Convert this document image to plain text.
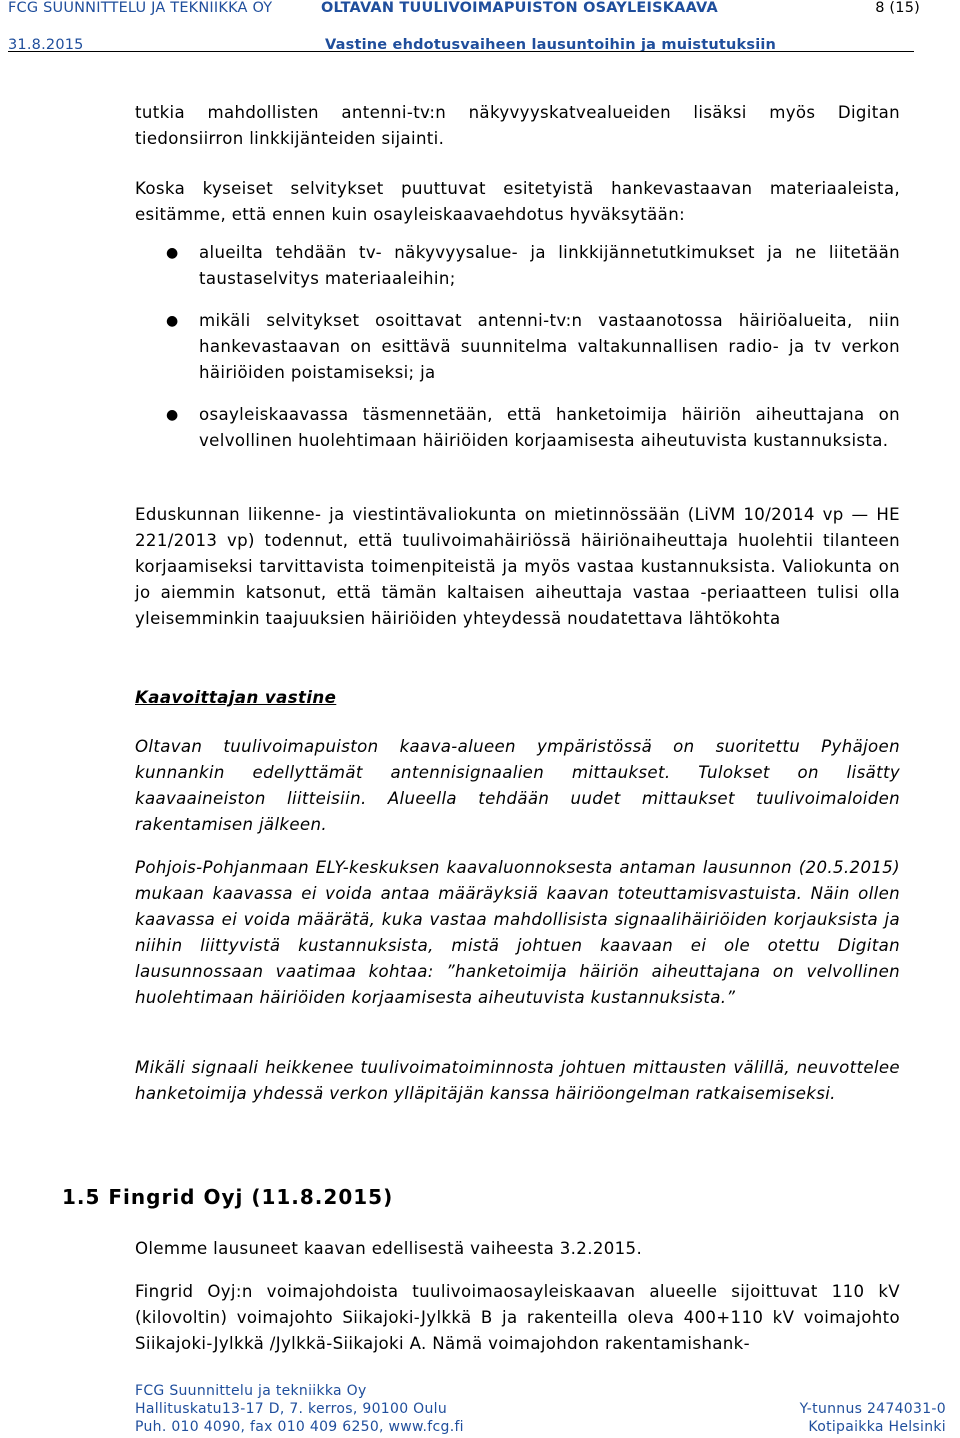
FCG SUUNNITTELU JA TEKNIIKKA OY	OLTAVAN TUULIVOIMAPUISTON OSAYLEISKAAVA	8 (15)
31.8.2015	Vastine ehdotusvaiheen lausuntoihin ja muistutuksiin

tutkia mahdollisten antenni-tv:n näkyvyyskatvealueiden lisäksi myös Digitan tiedonsiirron linkkijänteiden sijainti.

Koska kyseiset selvitykset puuttuvat esitetyistä hankevastaavan materiaaleista, esitämme, että ennen kuin osayleiskaavaehdotus hyväksytään:

● alueilta tehdään tv- näkyvyysalue- ja linkkijännetutkimukset ja ne liitetään taustaselvitys materiaaleihin;
● mikäli selvitykset osoittavat antenni-tv:n vastaanotossa häiriöalueita, niin hankevastaavan on esittävä suunnitelma valtakunnallisen radio- ja tv verkon häiriöiden poistamiseksi; ja
● osayleiskaavassa täsmennetään, että hanketoimija häiriön aiheuttajana on velvollinen huolehtimaan häiriöiden korjaamisesta aiheutuvista kustannuksista.

Eduskunnan liikenne- ja viestintävaliokunta on mietinnössään (LiVM 10/2014 vp — HE 221/2013 vp) todennut, että tuulivoimahäiriössä häiriönaiheuttaja huolehtii tilanteen korjaamiseksi tarvittavista toimenpiteistä ja myös vastaa kustannuksista. Valiokunta on jo aiemmin katsonut, että tämän kaltaisen aiheuttaja vastaa -periaatteen tulisi olla yleisemminkin taajuuksien häiriöiden yhteydessä noudatettava lähtökohta

Kaavoittajan vastine

Oltavan tuulivoimapuiston kaava-alueen ympäristössä on suoritettu Pyhäjoen kunnankin edellyttämät antennisignaalien mittaukset. Tulokset on lisätty kaavaaineiston liitteisiin. Alueella tehdään uudet mittaukset tuulivoimaloiden rakentamisen jälkeen.

Pohjois-Pohjanmaan ELY-keskuksen kaavaluonnoksesta antaman lausunnon (20.5.2015) mukaan kaavassa ei voida antaa määräyksiä kaavan toteuttamisvastuista. Näin ollen kaavassa ei voida määrätä, kuka vastaa mahdollisista signaalihäiriöiden korjauksista ja niihin liittyvistä kustannuksista, mistä johtuen kaavaan ei ole otettu Digitan lausunnossaan vaatimaa kohtaa: ”hanketoimija häiriön aiheuttajana on velvollinen huolehtimaan häiriöiden korjaamisesta aiheutuvista kustannuksista.”

Mikäli signaali heikkenee tuulivoimatoiminnosta johtuen mittausten välillä, neuvottelee hanketoimija yhdessä verkon ylläpitäjän kanssa häiriöongelman ratkaisemiseksi.

1.5 Fingrid Oyj (11.8.2015)

Olemme lausuneet kaavan edellisestä vaiheesta 3.2.2015.

Fingrid Oyj:n voimajohdoista tuulivoimaosayleiskaavan alueelle sijoittuvat 110 kV (kilovoltin) voimajohto Siikajoki-Jylkkä B ja rakenteilla oleva 400+110 kV voimajohto Siikajoki-Jylkkä /Jylkkä-Siikajoki A. Nämä voimajohdon rakentamishank-

FCG Suunnittelu ja tekniikka Oy
Hallituskatu13-17 D, 7. kerros, 90100 Oulu
Puh. 010 4090, fax 010 409 6250, www.fcg.fi
Y-tunnus 2474031-0
Kotipaikka Helsinki
